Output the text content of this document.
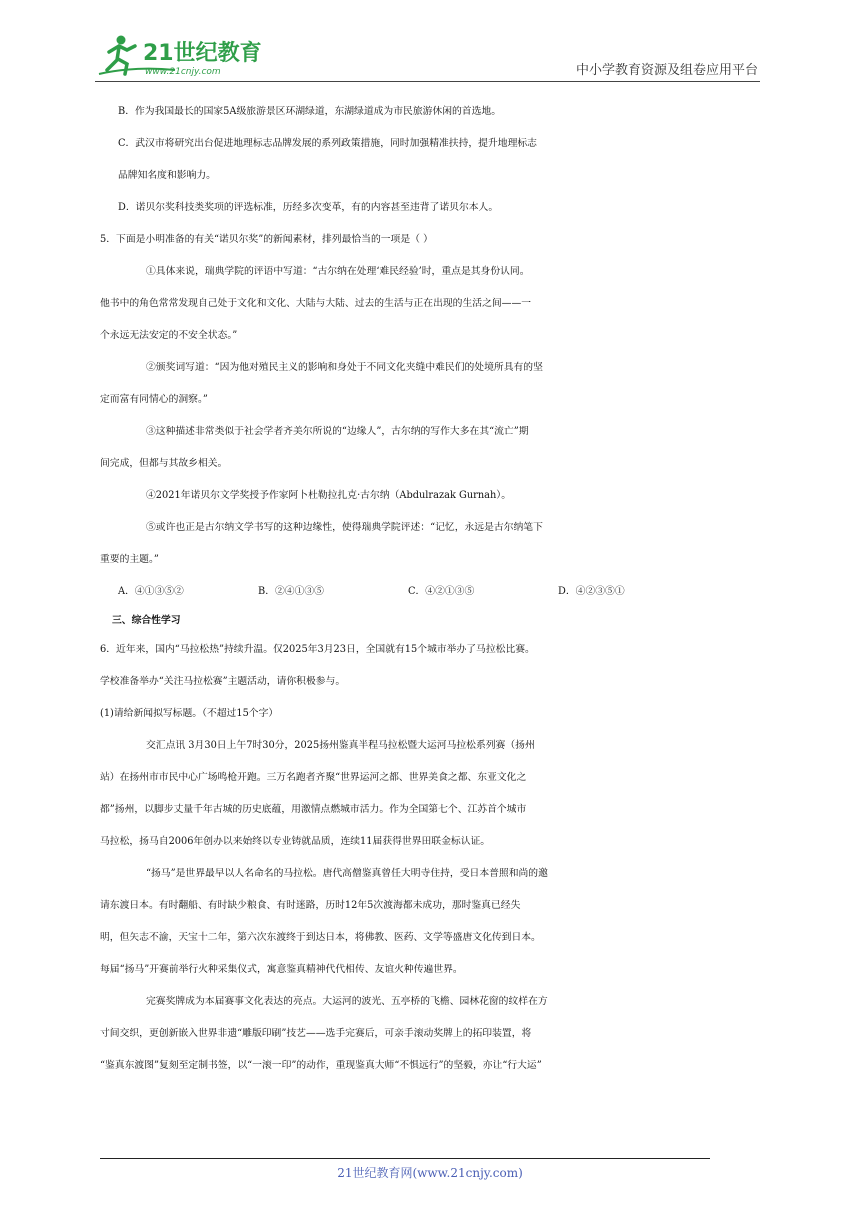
21世纪教育
www.21cnjy.com	中小学教育资源及组卷应用平台

B．作为我国最长的国家5A级旅游景区环湖绿道，东湖绿道成为市民旅游休闲的首选地。

C．武汉市将研究出台促进地理标志品牌发展的系列政策措施，同时加强精准扶持，提升地理标志

品牌知名度和影响力。

D．诺贝尔奖科技类奖项的评选标准，历经多次变革，有的内容甚至违背了诺贝尔本人。

5．下面是小明准备的有关“诺贝尔奖”的新闻素材，排列最恰当的一项是（ ）

①具体来说，瑞典学院的评语中写道：“古尔纳在处理‘难民经验’时，重点是其身份认同。

他书中的角色常常发现自己处于文化和文化、大陆与大陆、过去的生活与正在出现的生活之间——一

个永远无法安定的不安全状态。”

②颁奖词写道：“因为他对殖民主义的影响和身处于不同文化夹缝中难民们的处境所具有的坚

定而富有同情心的洞察。”

③这种描述非常类似于社会学者齐美尔所说的“边缘人”，古尔纳的写作大多在其“流亡”期

间完成，但都与其故乡相关。

④2021年诺贝尔文学奖授予作家阿卜杜勒拉扎克·古尔纳（Abdulrazak Gurnah）。

⑤或许也正是古尔纳文学书写的这种边缘性，使得瑞典学院评述：“记忆，永远是古尔纳笔下

重要的主题。”

A．④①③⑤②	B．②④①③⑤	C．④②①③⑤	D．④②③⑤①

三、综合性学习

6．近年来，国内“马拉松热”持续升温。仅2025年3月23日，全国就有15个城市举办了马拉松比赛。

学校准备举办“关注马拉松赛”主题活动，请你积极参与。

(1)请给新闻拟写标题。（不超过15个字）

交汇点讯 3月30日上午7时30分，2025扬州鉴真半程马拉松暨大运河马拉松系列赛（扬州

站）在扬州市市民中心广场鸣枪开跑。三万名跑者齐聚“世界运河之都、世界美食之都、东亚文化之

都”扬州，以脚步丈量千年古城的历史底蕴，用激情点燃城市活力。作为全国第七个、江苏首个城市

马拉松，扬马自2006年创办以来始终以专业铸就品质，连续11届获得世界田联金标认证。

“扬马”是世界最早以人名命名的马拉松。唐代高僧鉴真曾任大明寺住持，受日本普照和尚的邀

请东渡日本。有时翻船、有时缺少粮食、有时迷路，历时12年5次渡海都未成功，那时鉴真已经失

明，但矢志不渝，天宝十二年，第六次东渡终于到达日本，将佛教、医药、文学等盛唐文化传到日本。

每届“扬马”开赛前举行火种采集仪式，寓意鉴真精神代代相传、友谊火种传遍世界。

完赛奖牌成为本届赛事文化表达的亮点。大运河的波光、五亭桥的飞檐、园林花窗的纹样在方

寸间交织，更创新嵌入世界非遗“雕版印刷”技艺——选手完赛后，可亲手滚动奖牌上的拓印装置，将

“鉴真东渡图”复刻至定制书签，以“一滚一印”的动作，重现鉴真大师“不惧远行”的坚毅，亦让“行大运”

21世纪教育网(www.21cnjy.com)
